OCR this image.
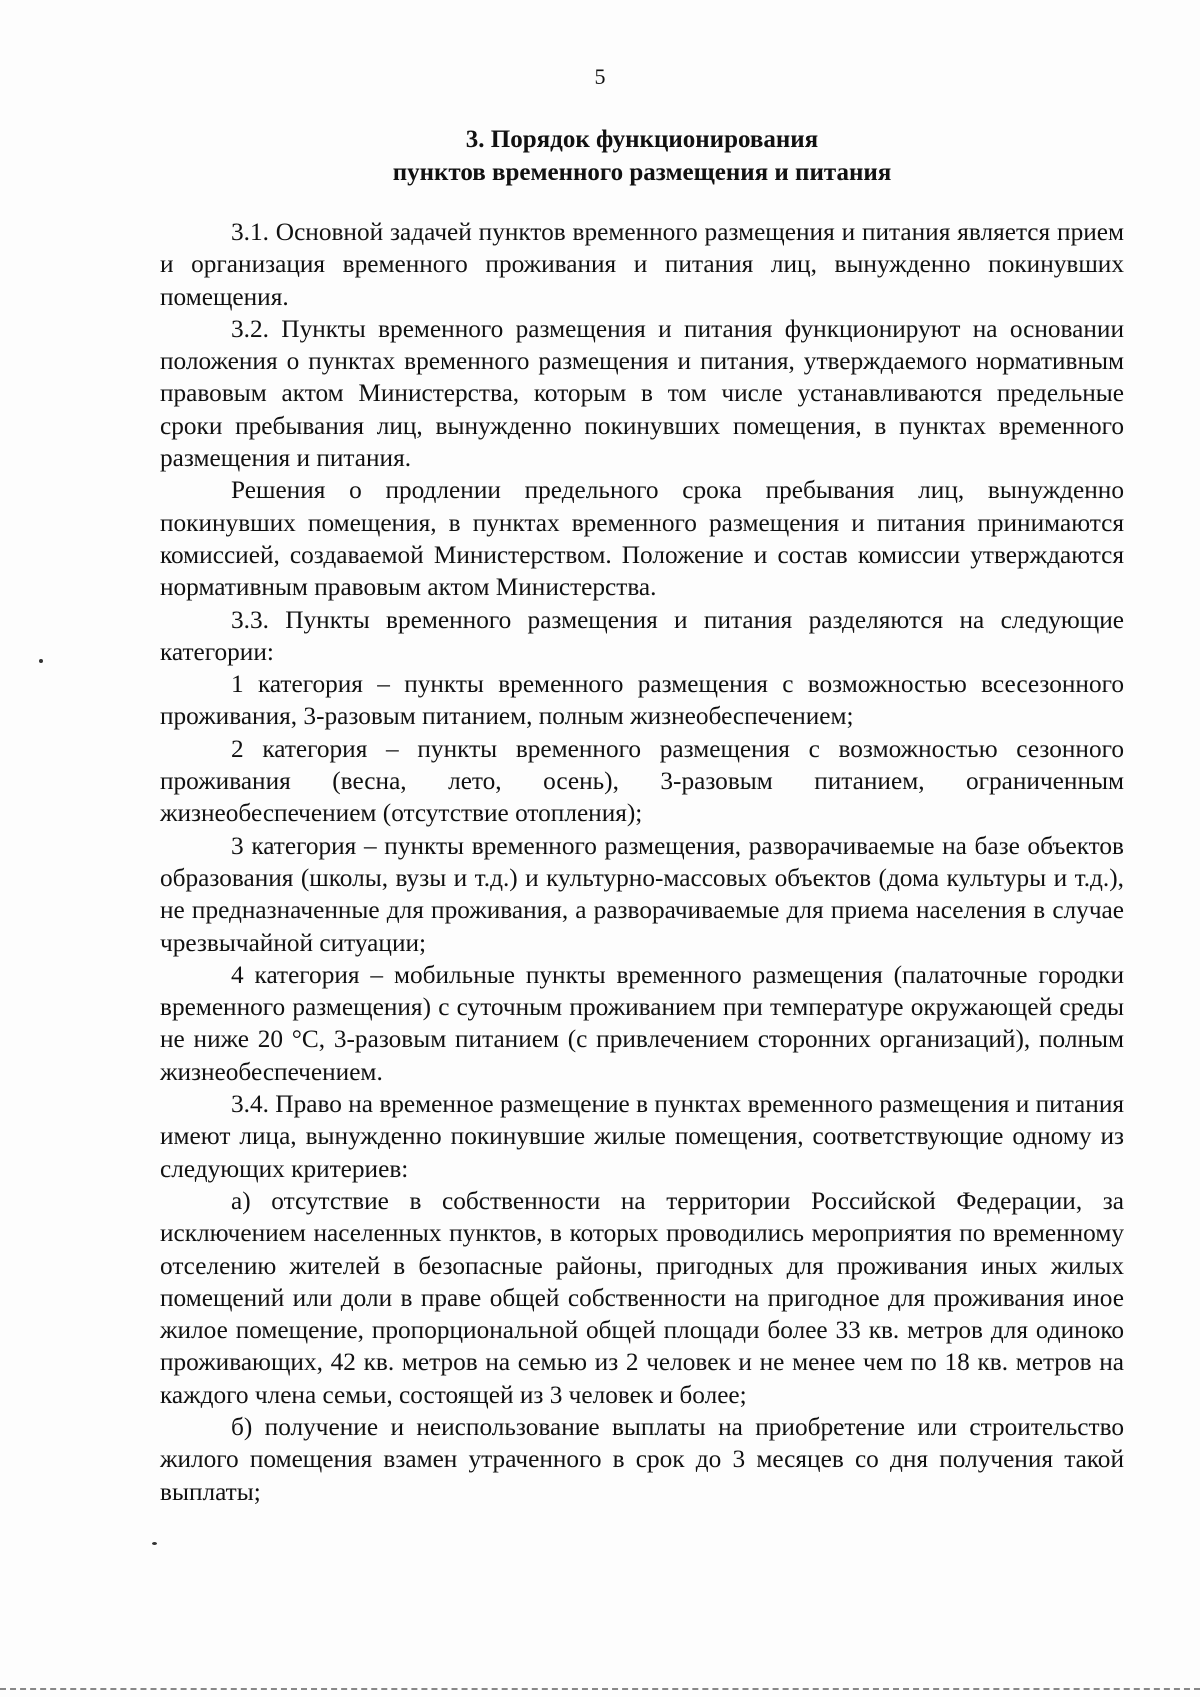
5
3. Порядок функционирования
пунктов временного размещения и питания

3.1. Основной задачей пунктов временного размещения и питания является прием и организация временного проживания и питания лиц, вынужденно покинувших помещения.

3.2. Пункты временного размещения и питания функционируют на основании положения о пунктах временного размещения и питания, утверждаемого нормативным правовым актом Министерства, которым в том числе устанавливаются предельные сроки пребывания лиц, вынужденно покинувших помещения, в пунктах временного размещения и питания.

Решения о продлении предельного срока пребывания лиц, вынужденно покинувших помещения, в пунктах временного размещения и питания принимаются комиссией, создаваемой Министерством. Положение и состав комиссии утверждаются нормативным правовым актом Министерства.

3.3. Пункты временного размещения и питания разделяются на следующие категории:

1 категория – пункты временного размещения с возможностью всесезонного проживания, 3-разовым питанием, полным жизнеобеспечением;

2 категория – пункты временного размещения с возможностью сезонного проживания (весна, лето, осень), 3-разовым питанием, ограниченным жизнеобеспечением (отсутствие отопления);

3 категория – пункты временного размещения, разворачиваемые на базе объектов образования (школы, вузы и т.д.) и культурно-массовых объектов (дома культуры и т.д.), не предназначенные для проживания, а разворачиваемые для приема населения в случае чрезвычайной ситуации;

4 категория – мобильные пункты временного размещения (палаточные городки временного размещения) с суточным проживанием при температуре окружающей среды не ниже 20 °С, 3-разовым питанием (с привлечением сторонних организаций), полным жизнеобеспечением.

3.4. Право на временное размещение в пунктах временного размещения и питания имеют лица, вынужденно покинувшие жилые помещения, соответствующие одному из следующих критериев:

а) отсутствие в собственности на территории Российской Федерации, за исключением населенных пунктов, в которых проводились мероприятия по временному отселению жителей в безопасные районы, пригодных для проживания иных жилых помещений или доли в праве общей собственности на пригодное для проживания иное жилое помещение, пропорциональной общей площади более 33 кв. метров для одиноко проживающих, 42 кв. метров на семью из 2 человек и не менее чем по 18 кв. метров на каждого члена семьи, состоящей из 3 человек и более;

б) получение и неиспользование выплаты на приобретение или строительство жилого помещения взамен утраченного в срок до 3 месяцев со дня получения такой выплаты;
